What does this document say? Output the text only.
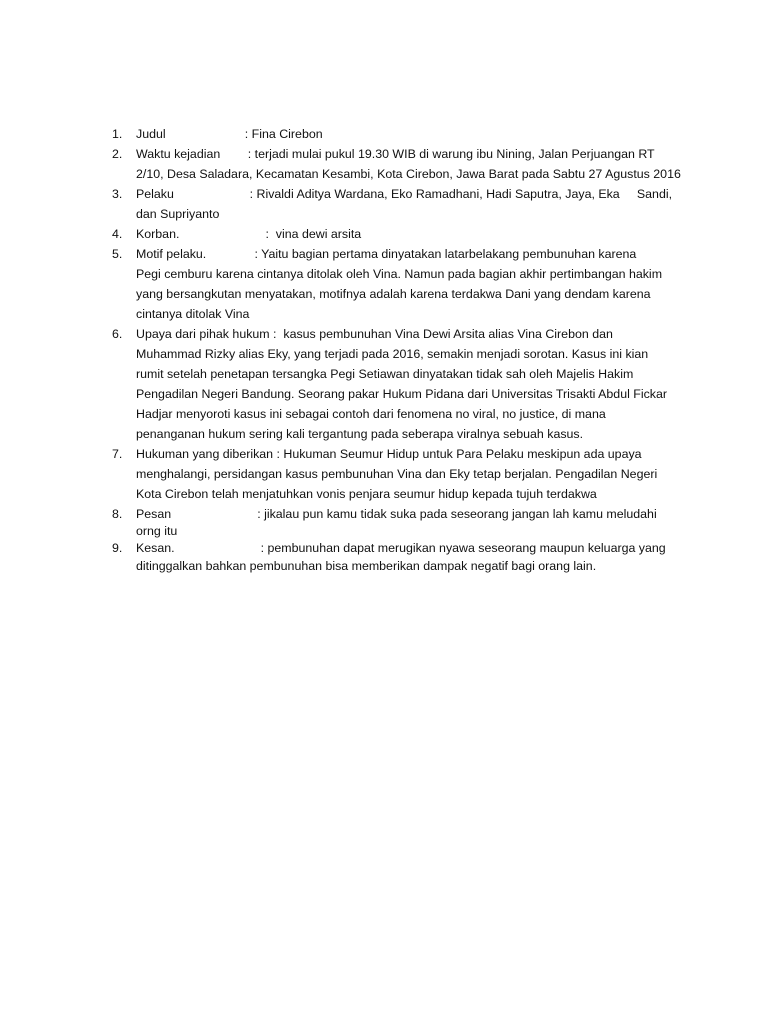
1. Judul                       : Fina Cirebon
2. Waktu kejadian        : terjadi mulai pukul 19.30 WIB di warung ibu Nining, Jalan Perjuangan RT
2/10, Desa Saladara, Kecamatan Kesambi, Kota Cirebon, Jawa Barat pada Sabtu 27 Agustus 2016
3. Pelaku                      : Rivaldi Aditya Wardana, Eko Ramadhani, Hadi Saputra, Jaya, Eka     Sandi,
dan Supriyanto
4. Korban.                         :  vina dewi arsita
5. Motif pelaku.              : Yaitu bagian pertama dinyatakan latarbelakang pembunuhan karena
Pegi cemburu karena cintanya ditolak oleh Vina. Namun pada bagian akhir pertimbangan hakim
yang bersangkutan menyatakan, motifnya adalah karena terdakwa Dani yang dendam karena
cintanya ditolak Vina
6. Upaya dari pihak hukum :  kasus pembunuhan Vina Dewi Arsita alias Vina Cirebon dan
Muhammad Rizky alias Eky, yang terjadi pada 2016, semakin menjadi sorotan. Kasus ini kian
rumit setelah penetapan tersangka Pegi Setiawan dinyatakan tidak sah oleh Majelis Hakim
Pengadilan Negeri Bandung. Seorang pakar Hukum Pidana dari Universitas Trisakti Abdul Fickar
Hadjar menyoroti kasus ini sebagai contoh dari fenomena no viral, no justice, di mana
penanganan hukum sering kali tergantung pada seberapa viralnya sebuah kasus.
7. Hukuman yang diberikan : Hukuman Seumur Hidup untuk Para Pelaku meskipun ada upaya
menghalangi, persidangan kasus pembunuhan Vina dan Eky tetap berjalan. Pengadilan Negeri
Kota Cirebon telah menjatuhkan vonis penjara seumur hidup kepada tujuh terdakwa
8. Pesan                         : jikalau pun kamu tidak suka pada seseorang jangan lah kamu meludahi
orng itu
9. Kesan.                         : pembunuhan dapat merugikan nyawa seseorang maupun keluarga yang
ditinggalkan bahkan pembunuhan bisa memberikan dampak negatif bagi orang lain.
